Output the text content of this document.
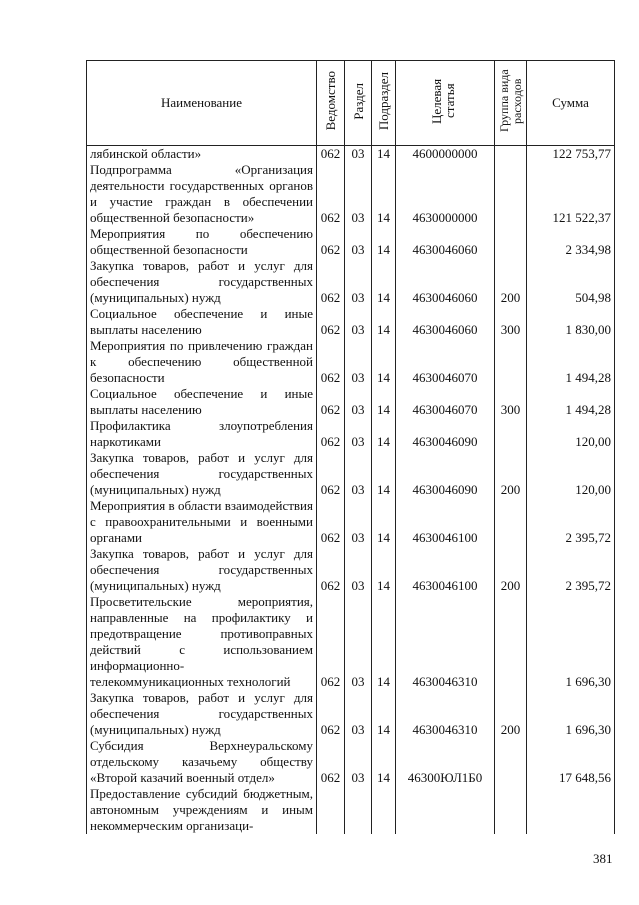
Наименование	Ведомство	Раздел	Подраздел	Целевая статья	Группа вида расходов	Сумма
лябинской области»	062	03	14	4600000000		122 753,77
Подпрограмма «Организация деятельности государственных органов и участие граждан в обеспечении общественной безопасности»	062	03	14	4630000000		121 522,37
Мероприятия по обеспечению общественной безопасности	062	03	14	4630046060		2 334,98
Закупка товаров, работ и услуг для обеспечения государственных (муниципальных) нужд	062	03	14	4630046060	200	504,98
Социальное обеспечение и иные выплаты населению	062	03	14	4630046060	300	1 830,00
Мероприятия по привлечению граждан к обеспечению общественной безопасности	062	03	14	4630046070		1 494,28
Социальное обеспечение и иные выплаты населению	062	03	14	4630046070	300	1 494,28
Профилактика злоупотребления наркотиками	062	03	14	4630046090		120,00
Закупка товаров, работ и услуг для обеспечения государственных (муниципальных) нужд	062	03	14	4630046090	200	120,00
Мероприятия в области взаимодействия с правоохранительными и военными органами	062	03	14	4630046100		2 395,72
Закупка товаров, работ и услуг для обеспечения государственных (муниципальных) нужд	062	03	14	4630046100	200	2 395,72
Просветительские мероприятия, направленные на профилактику и предотвращение противоправных действий с использованием информационно-телекоммуникационных технологий	062	03	14	4630046310		1 696,30
Закупка товаров, работ и услуг для обеспечения государственных (муниципальных) нужд	062	03	14	4630046310	200	1 696,30
Субсидия Верхнеуральскому отдельскому казачьему обществу «Второй казачий военный отдел»	062	03	14	46300ЮЛ1Б0		17 648,56
Предоставление субсидий бюджетным, автономным учреждениям и иным некоммерческим организаци-						
381
